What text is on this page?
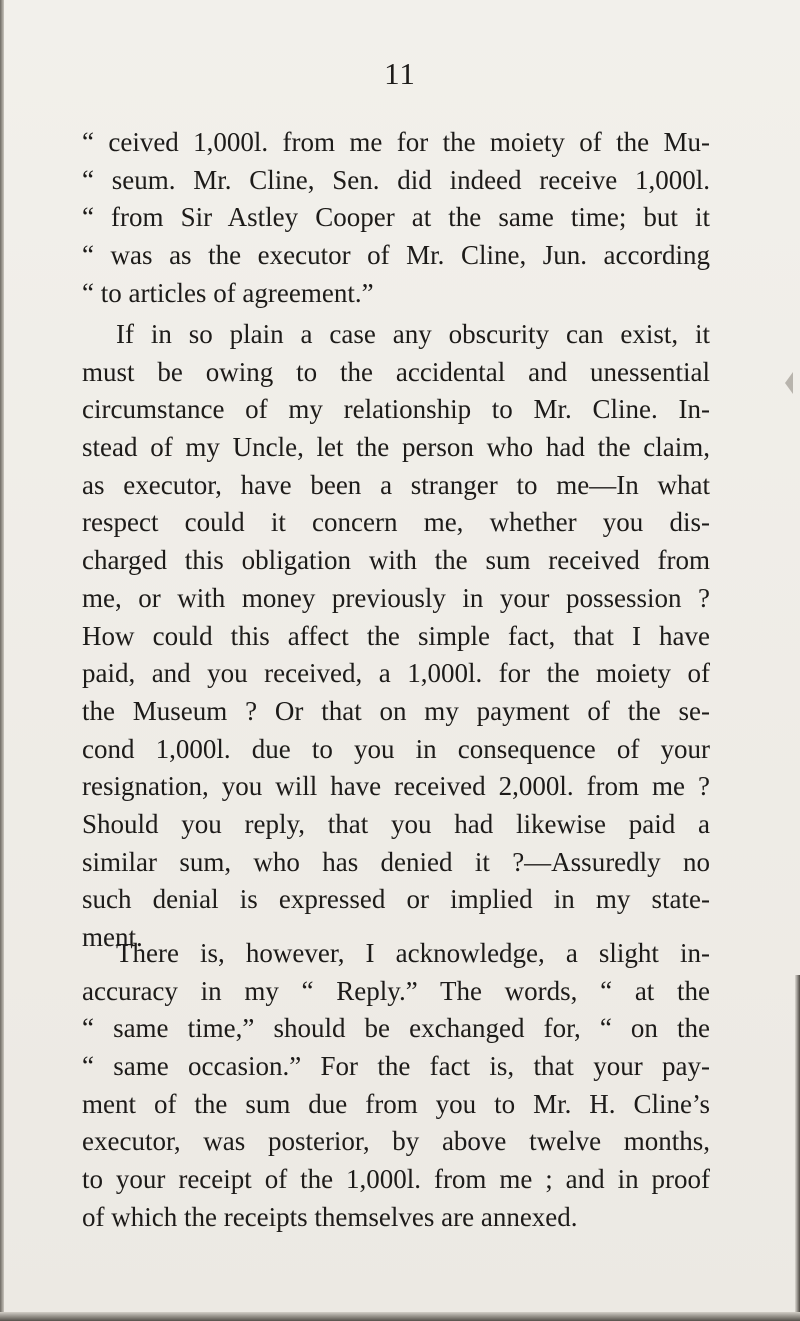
11

“ ceived 1,000l. from me for the moiety of the Mu-
“ seum. Mr. Cline, Sen. did indeed receive 1,000l.
“ from Sir Astley Cooper at the same time; but it
“ was as the executor of Mr. Cline, Jun. according
“ to articles of agreement.”

If in so plain a case any obscurity can exist, it
must be owing to the accidental and unessential
circumstance of my relationship to Mr. Cline. In-
stead of my Uncle, let the person who had the claim,
as executor, have been a stranger to me—In what
respect could it concern me, whether you dis-
charged this obligation with the sum received from
me, or with money previously in your possession ?
How could this affect the simple fact, that I have
paid, and you received, a 1,000l. for the moiety of
the Museum ? Or that on my payment of the se-
cond 1,000l. due to you in consequence of your
resignation, you will have received 2,000l. from me ?
Should you reply, that you had likewise paid a
similar sum, who has denied it ?—Assuredly no
such denial is expressed or implied in my state-
ment.

There is, however, I acknowledge, a slight in-
accuracy in my “ Reply.” The words, “ at the
“ same time,” should be exchanged for, “ on the
“ same occasion.” For the fact is, that your pay-
ment of the sum due from you to Mr. H. Cline’s
executor, was posterior, by above twelve months,
to your receipt of the 1,000l. from me ; and in proof
of which the receipts themselves are annexed.
